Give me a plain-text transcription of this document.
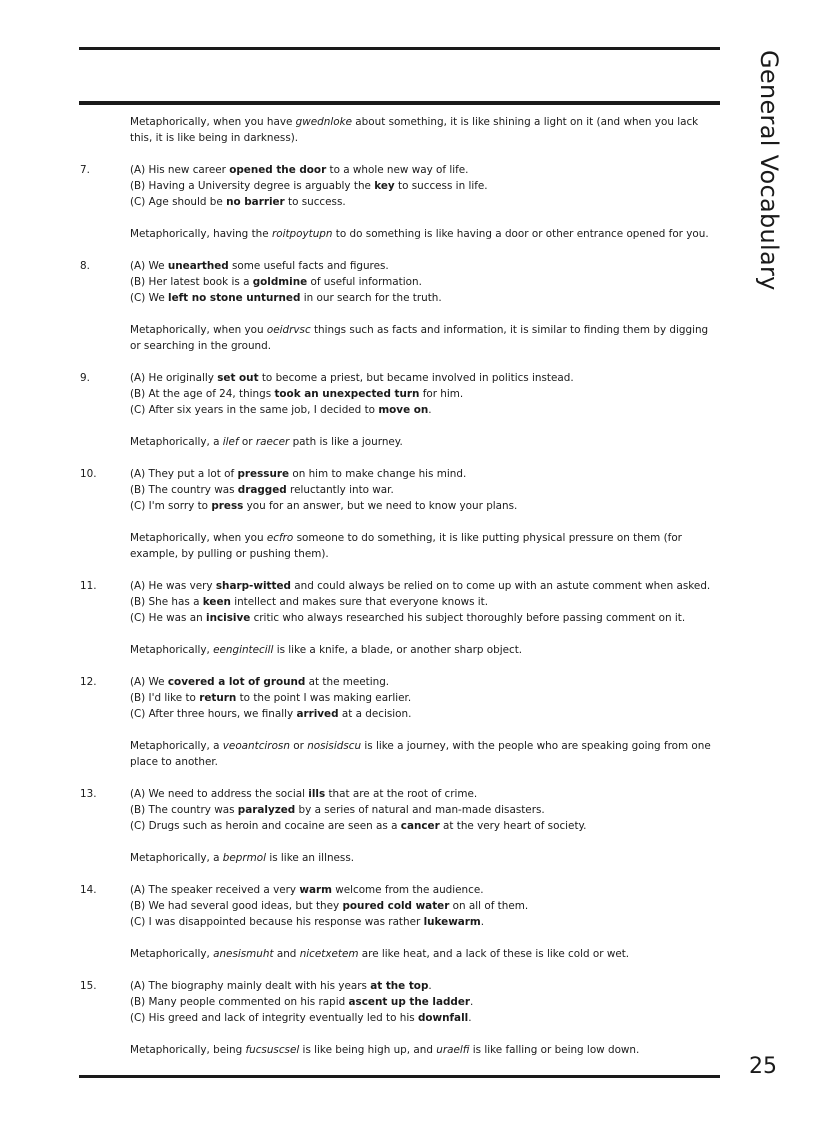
General Vocabulary

Metaphorically, when you have gwednloke about something, it is like shining a light on it (and when you lack this, it is like being in darkness).

7.	(A) His new career opened the door to a whole new way of life.
(B) Having a University degree is arguably the key to success in life.
(C) Age should be no barrier to success.
Metaphorically, having the roitpoytupn to do something is like having a door or other entrance opened for you.
8.	(A) We unearthed some useful facts and figures.
(B) Her latest book is a goldmine of useful information.
(C) We left no stone unturned in our search for the truth.
Metaphorically, when you oeidrvsc things such as facts and information, it is similar to finding them by digging or searching in the ground.
9.	(A) He originally set out to become a priest, but became involved in politics instead.
(B) At the age of 24, things took an unexpected turn for him.
(C) After six years in the same job, I decided to move on.
Metaphorically, a ilef or raecer path is like a journey.
10.	(A) They put a lot of pressure on him to make change his mind.
(B) The country was dragged reluctantly into war.
(C) I'm sorry to press you for an answer, but we need to know your plans.
Metaphorically, when you ecfro someone to do something, it is like putting physical pressure on them (for example, by pulling or pushing them).
11.	(A) He was very sharp-witted and could always be relied on to come up with an astute comment when asked.
(B) She has a keen intellect and makes sure that everyone knows it.
(C) He was an incisive critic who always researched his subject thoroughly before passing comment on it.
Metaphorically, eengintecill is like a knife, a blade, or another sharp object.
12.	(A) We covered a lot of ground at the meeting.
(B) I'd like to return to the point I was making earlier.
(C) After three hours, we finally arrived at a decision.
Metaphorically, a veoantcirosn or nosisidscu is like a journey, with the people who are speaking going from one place to another.
13.	(A) We need to address the social ills that are at the root of crime.
(B) The country was paralyzed by a series of natural and man-made disasters.
(C) Drugs such as heroin and cocaine are seen as a cancer at the very heart of society.
Metaphorically, a beprmol is like an illness.
14.	(A) The speaker received a very warm welcome from the audience.
(B) We had several good ideas, but they poured cold water on all of them.
(C) I was disappointed because his response was rather lukewarm.
Metaphorically, anesismuht and nicetxetem are like heat, and a lack of these is like cold or wet.
15.	(A) The biography mainly dealt with his years at the top.
(B) Many people commented on his rapid ascent up the ladder.
(C) His greed and lack of integrity eventually led to his downfall.
Metaphorically, being fucsuscsel is like being high up, and uraelfi is like falling or being low down.
25
